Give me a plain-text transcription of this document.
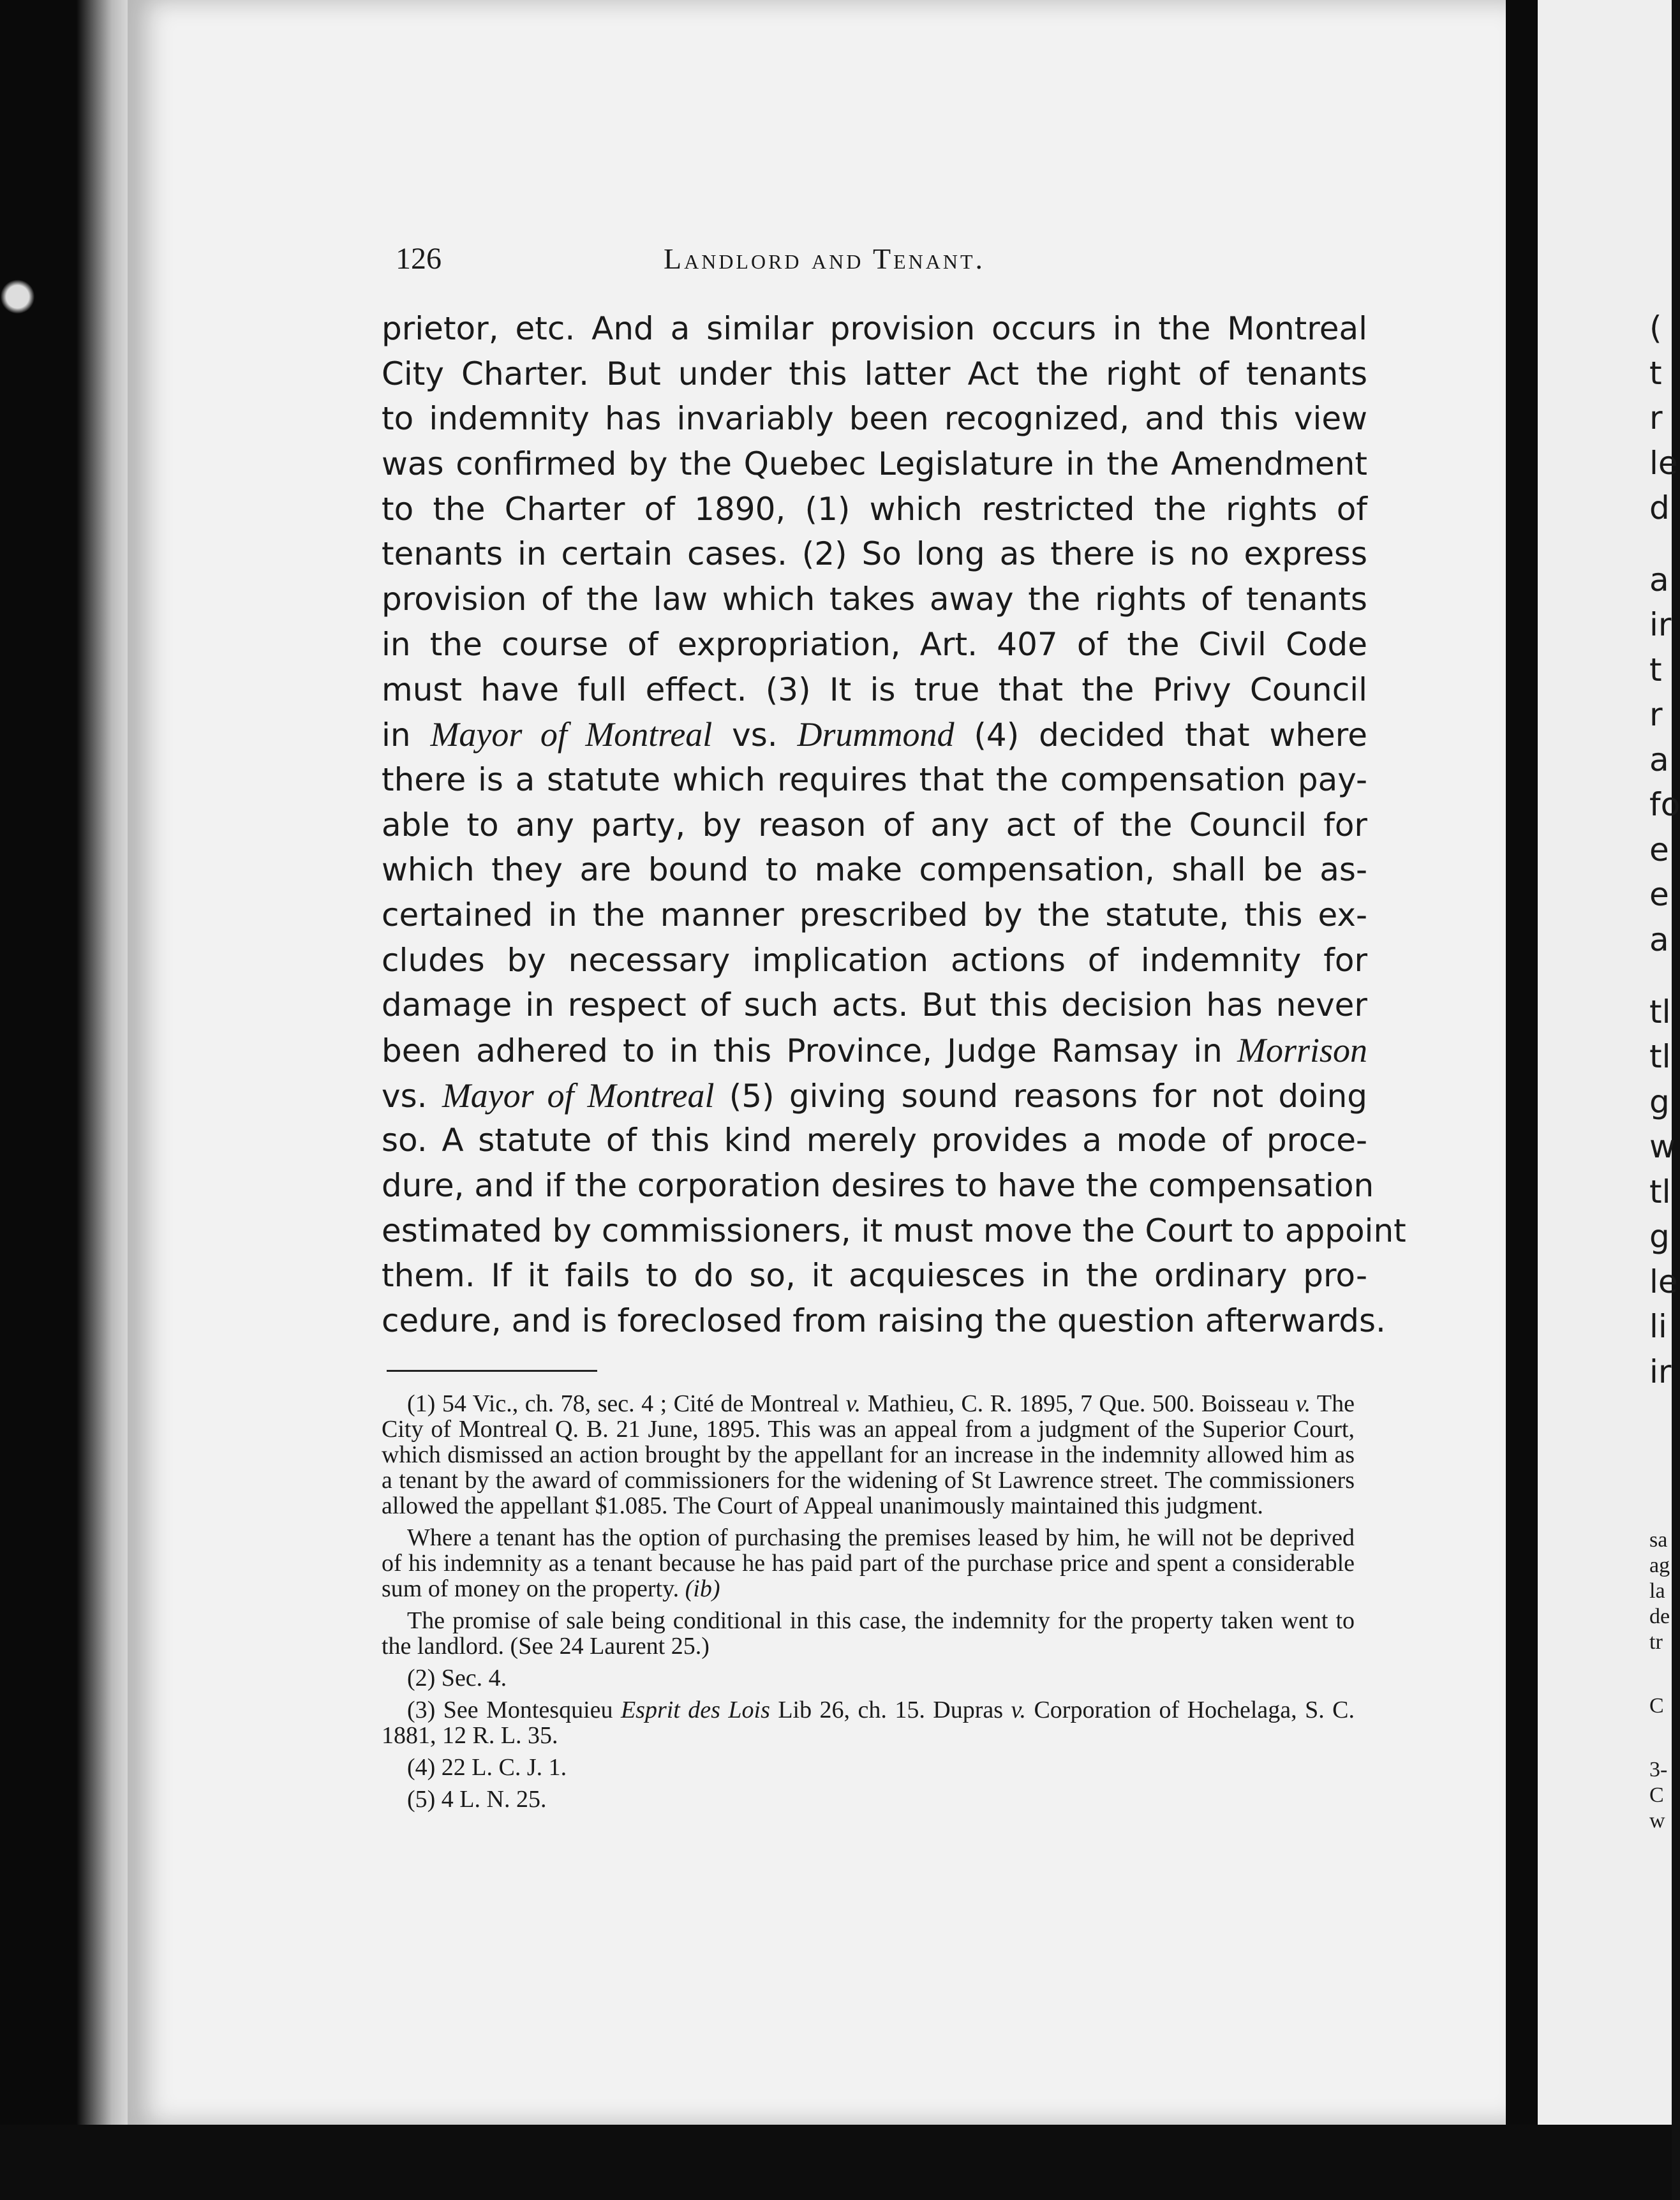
126	Landlord and Tenant.
prietor, etc. And a similar provision occurs in the Montreal
City Charter. But under this latter Act the right of tenants
to indemnity has invariably been recognized, and this view
was confirmed by the Quebec Legislature in the Amendment
to the Charter of 1890, (1) which restricted the rights of
tenants in certain cases. (2) So long as there is no express
provision of the law which takes away the rights of tenants
in the course of expropriation, Art. 407 of the Civil Code
must have full effect. (3) It is true that the Privy Council
in Mayor of Montreal vs. Drummond (4) decided that where
there is a statute which requires that the compensation pay-
able to any party, by reason of any act of the Council for
which they are bound to make compensation, shall be as-
certained in the manner prescribed by the statute, this ex-
cludes by necessary implication actions of indemnity for
damage in respect of such acts. But this decision has never
been adhered to in this Province, Judge Ramsay in Morrison
vs. Mayor of Montreal (5) giving sound reasons for not doing
so. A statute of this kind merely provides a mode of proce-
dure, and if the corporation desires to have the compensation
estimated by commissioners, it must move the Court to appoint
them. If it fails to do so, it acquiesces in the ordinary pro-
cedure, and is foreclosed from raising the question afterwards.

(1) 54 Vic., ch. 78, sec. 4 ; Cité de Montreal v. Mathieu, C. R. 1895, 7 Que. 500. Boisseau v. The City of Montreal Q. B. 21 June, 1895. This was an appeal from a judgment of the Superior Court, which dismissed an action brought by the appellant for an increase in the indemnity allowed him as a tenant by the award of commissioners for the widening of St Lawrence street. The commissioners allowed the appellant $1.085. The Court of Appeal unanimously maintained this judgment.

Where a tenant has the option of purchasing the premises leased by him, he will not be deprived of his indemnity as a tenant because he has paid part of the purchase price and spent a considerable sum of money on the property. (ib)

The promise of sale being conditional in this case, the indemnity for the property taken went to the landlord. (See 24 Laurent 25.)

(2) Sec. 4.

(3) See Montesquieu Esprit des Lois Lib 26, ch. 15. Dupras v. Corporation of Hochelaga, S. C. 1881, 12 R. L. 35.

(4) 22 L. C. J. 1.

(5) 4 L. N. 25.

(
t
r
le
d
a
ir
t
r
a
fo
e
e
a
tl
tl
g
w
tl
g
le
li
ir
sa
ag
la
de
tr
C
3-
C
w
